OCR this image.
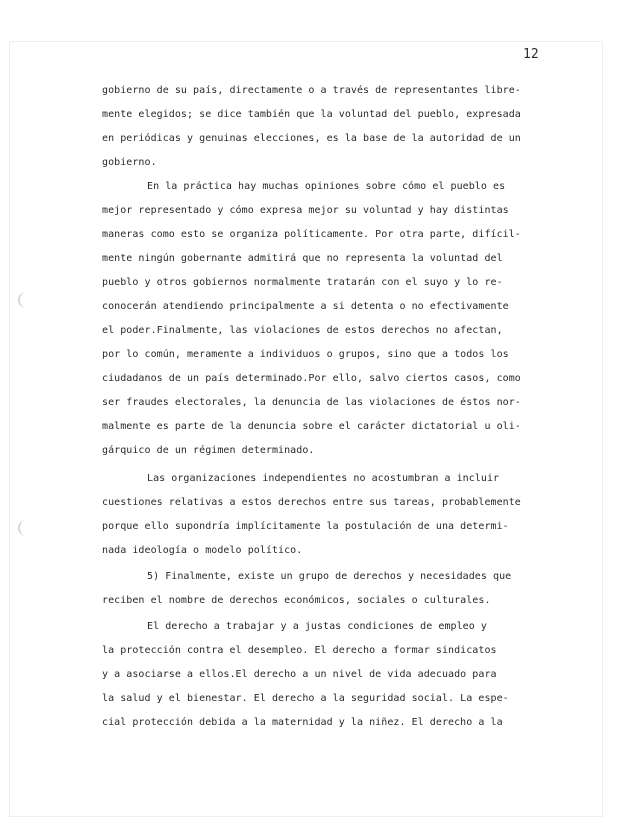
12
gobierno de su país, directamente o a través de representantes libre-
mente elegidos; se dice también que la voluntad del pueblo, expresada
en periódicas y genuinas elecciones, es la base de la autoridad de un
gobierno.
En la práctica hay muchas opiniones sobre cómo el pueblo es
mejor representado y cómo expresa mejor su voluntad y hay distintas
maneras como esto se organiza políticamente. Por otra parte, difícil-
mente ningún gobernante admitirá que no representa la voluntad del
pueblo y otros gobiernos normalmente tratarán con el suyo y lo re-
conocerán atendiendo principalmente a si detenta o no efectivamente
el poder.Finalmente, las violaciones de estos derechos no afectan,
por lo común, meramente a individuos o grupos, sino que a todos los
ciudadanos de un país determinado.Por ello, salvo ciertos casos, como
ser fraudes electorales, la denuncia de las violaciones de éstos nor-
malmente es parte de la denuncia sobre el carácter dictatorial u oli-
gárquico de un régimen determinado.
Las organizaciones independientes no acostumbran a incluir
cuestiones relativas a estos derechos entre sus tareas, probablemente
porque ello supondría implícitamente la postulación de una determi-
nada ideología o modelo político.
5) Finalmente, existe un grupo de derechos y necesidades que
reciben el nombre de derechos económicos, sociales o culturales.
El derecho a trabajar y a justas condiciones de empleo y
la protección contra el desempleo. El derecho a formar sindicatos
y a asociarse a ellos.El derecho a un nivel de vida adecuado para
la salud y el bienestar. El derecho a la seguridad social. La espe-
cial protección debida a la maternidad y la niñez. El derecho a la
